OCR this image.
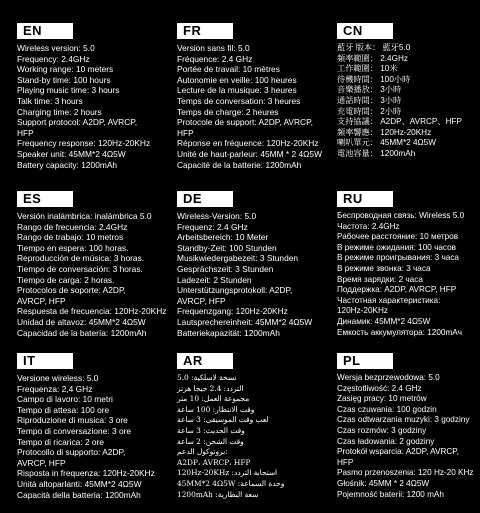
EN
Wireless version: 5.0
Frequency: 2.4GHz
Working range: 10 meters
Stand-by time: 100 hours
Playing music time: 3 hours
Talk time: 3 hours
Charging time: 2 hours
Support protocol: A2DP, AVRCP,
HFP
Frequency response: 120Hz-20KHz
Speaker unit: 45MM*2 4Ω5W
Battery capacity: 1200mAh
ES
Versión inalámbrica: inalámbrica 5.0
Rango de frecuencia: 2.4GHz
Rango de trabajo: 10 metros
Tiempo en espera: 100 horas.
Reproducción de música: 3 horas.
Tiempo de conversación: 3 horas.
Tiempo de carga: 2 horas.
Protocolos de soporte: A2DP,
AVRCP, HFP
Respuesta de frecuencia: 120Hz-20KHz
Unidad de altavoz: 45MM*2 4Ω5W
Capacidad de la batería: 1200mAh
IT
Versione wireless: 5.0
Frequenza: 2,4 GHz
Campo di lavoro: 10 metri
Tempo di attesa: 100 ore
Riproduzione di musica: 3 ore
Tempo di conversazione: 3 ore
Tempo di ricarica: 2 ore
Protocollo di supporto: A2DP,
AVRCP, HFP
Risposta in frequenza: 120Hz-20KHz
Unità altoparlanti: 45MM*2 4Ω5W
Capacità della batteria: 1200mAh
FR
Version sans fil: 5.0
Fréquence: 2.4 GHz
Portée de travail: 10 mètres
Autonomie en veille: 100 heures
Lecture de la musique: 3 heures
Temps de conversation: 3 heures
Temps de charge: 2 heures
Protocole de support: A2DP, AVRCP,
HFP
Réponse en fréquence: 120Hz-20KHz
Unité de haut-parleur: 45MM * 2 4Ω5W
Capacité de la batterie: 1200mAh
DE
Wireless-Version: 5.0
Frequenz: 2.4 GHz
Arbeitsbereich: 10 Meter
Standby-Zeit: 100 Stunden
Musikwiedergabezeit: 3 Stunden
Gesprächszeit: 3 Stunden
Ladezeit: 2 Stunden
Unterstützungsprotokoll: A2DP,
AVRCP, HFP
Frequenzgang: 120Hz-20KHz
Lautsprechereinheit: 45MM*2 4Ω5W
Batteriekapazität: 1200mAh
AR
نسخة لاسلكية: 5.0
التردد: 2.4 جيجا هرتز
مجموعة العمل: 10 متر
وقت الانتظار: 100 ساعة
لعب وقت الموسيقى: 3 ساعة
وقت الحديث: 3 ساعة
وقت الشحن: 2 ساعة
بروتوكول الدعم:
A2DP، AVRCP، HFP
120Hz-20KHz :استجابة التردد
45MM*2 4Ω5W :وحدة السماعة
1200mAh :سعة البطارية
CN
藍牙 版本： 藍牙5.0
頻率範圍： 2.4GHz
工作範圍： 10米
待機時間： 100小時
音樂播放： 3小時
通話時間： 3小時
充電時間： 2小時
支持協議： A2DP、AVRCP、HFP
頻率響應： 120Hz-20KHz
喇叭單元： 45MM*2 4Ω5W
電池容量： 1200mAh
RU
Беспроводная связь: Wireless 5.0
Частота: 2.4GHz
Рабочее расстояние: 10 метров
В режиме ожидания: 100 часов
В режиме проигрывания: 3 часа
В режиме звонка: 3 часа
Время зарядки: 2 часа
Поддержка: A2DP, AVRCP, HFP
Частотная характеристика:
120Hz-20KHz
Динамик: 45MM*2 4Ω5W
Емкость аккумулятора: 1200mAч
PL
Wersja bezprzewodowa: 5.0
Częstotliwość: 2.4 GHz
Zasięg pracy: 10 metrów
Czas czuwania: 100 godzin
Czas odtwarzania muzyki: 3 godziny
Czas rozmów: 3 godziny
Czas ładowania: 2 godziny
Protokół wsparcia: A2DP, AVRCP,
HFP
Pasmo przenoszenia: 120 Hz-20 KHz
Głośnik: 45MM * 2 4Ω5W
Pojemność baterii: 1200 mAh
